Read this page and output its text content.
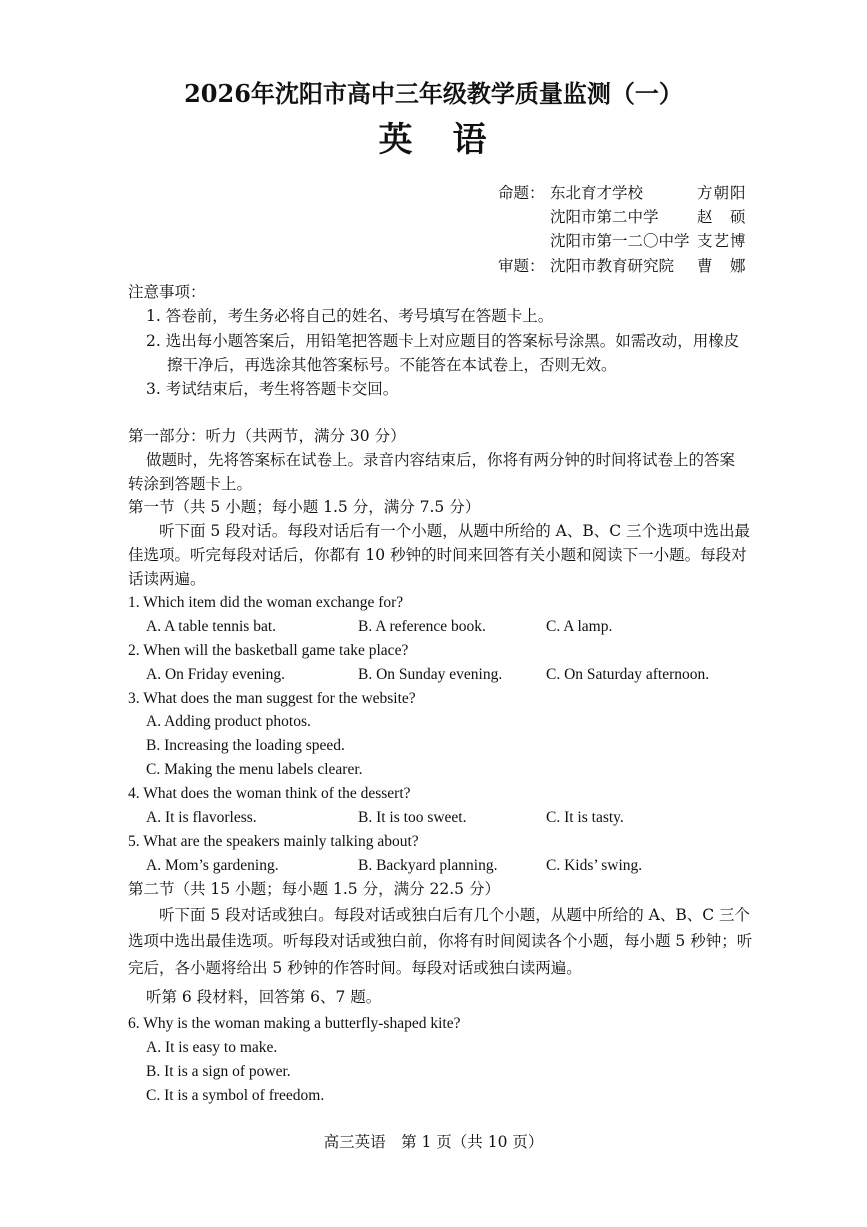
2026年沈阳市高中三年级教学质量监测（一）
英语
命题： 东北育才学校	方朝阳
沈阳市第二中学 赵　硕
沈阳市第一二〇中学 支艺博
审题： 沈阳市教育研究院 曹　娜
注意事项：
1. 答卷前，考生务必将自己的姓名、考号填写在答题卡上。
2. 选出每小题答案后，用铅笔把答题卡上对应题目的答案标号涂黑。如需改动，用橡皮
擦干净后，再选涂其他答案标号。不能答在本试卷上，否则无效。
3. 考试结束后，考生将答题卡交回。
第一部分：听力（共两节，满分 30 分）
做题时，先将答案标在试卷上。录音内容结束后，你将有两分钟的时间将试卷上的答案
转涂到答题卡上。
第一节（共 5 小题；每小题 1.5 分，满分 7.5 分）
听下面 5 段对话。每段对话后有一个小题，从题中所给的 A、B、C 三个选项中选出最
佳选项。听完每段对话后，你都有 10 秒钟的时间来回答有关小题和阅读下一小题。每段对
话读两遍。
1. Which item did the woman exchange for?
A. A table tennis bat.	B. A reference book.	C. A lamp.
2. When will the basketball game take place?
A. On Friday evening.	B. On Sunday evening.	C. On Saturday afternoon.
3. What does the man suggest for the website?
A. Adding product photos.
B. Increasing the loading speed.
C. Making the menu labels clearer.
4. What does the woman think of the dessert?
A. It is flavorless.	B. It is too sweet.	C. It is tasty.
5. What are the speakers mainly talking about?
A. Mom’s gardening.	B. Backyard planning.	C. Kids’ swing.
第二节（共 15 小题；每小题 1.5 分，满分 22.5 分）
听下面 5 段对话或独白。每段对话或独白后有几个小题，从题中所给的 A、B、C 三个
选项中选出最佳选项。听每段对话或独白前，你将有时间阅读各个小题，每小题 5 秒钟；听
完后，各小题将给出 5 秒钟的作答时间。每段对话或独白读两遍。
听第 6 段材料，回答第 6、7 题。
6. Why is the woman making a butterfly-shaped kite?
A. It is easy to make.
B. It is a sign of power.
C. It is a symbol of freedom.
高三英语　第 1 页（共 10 页）
